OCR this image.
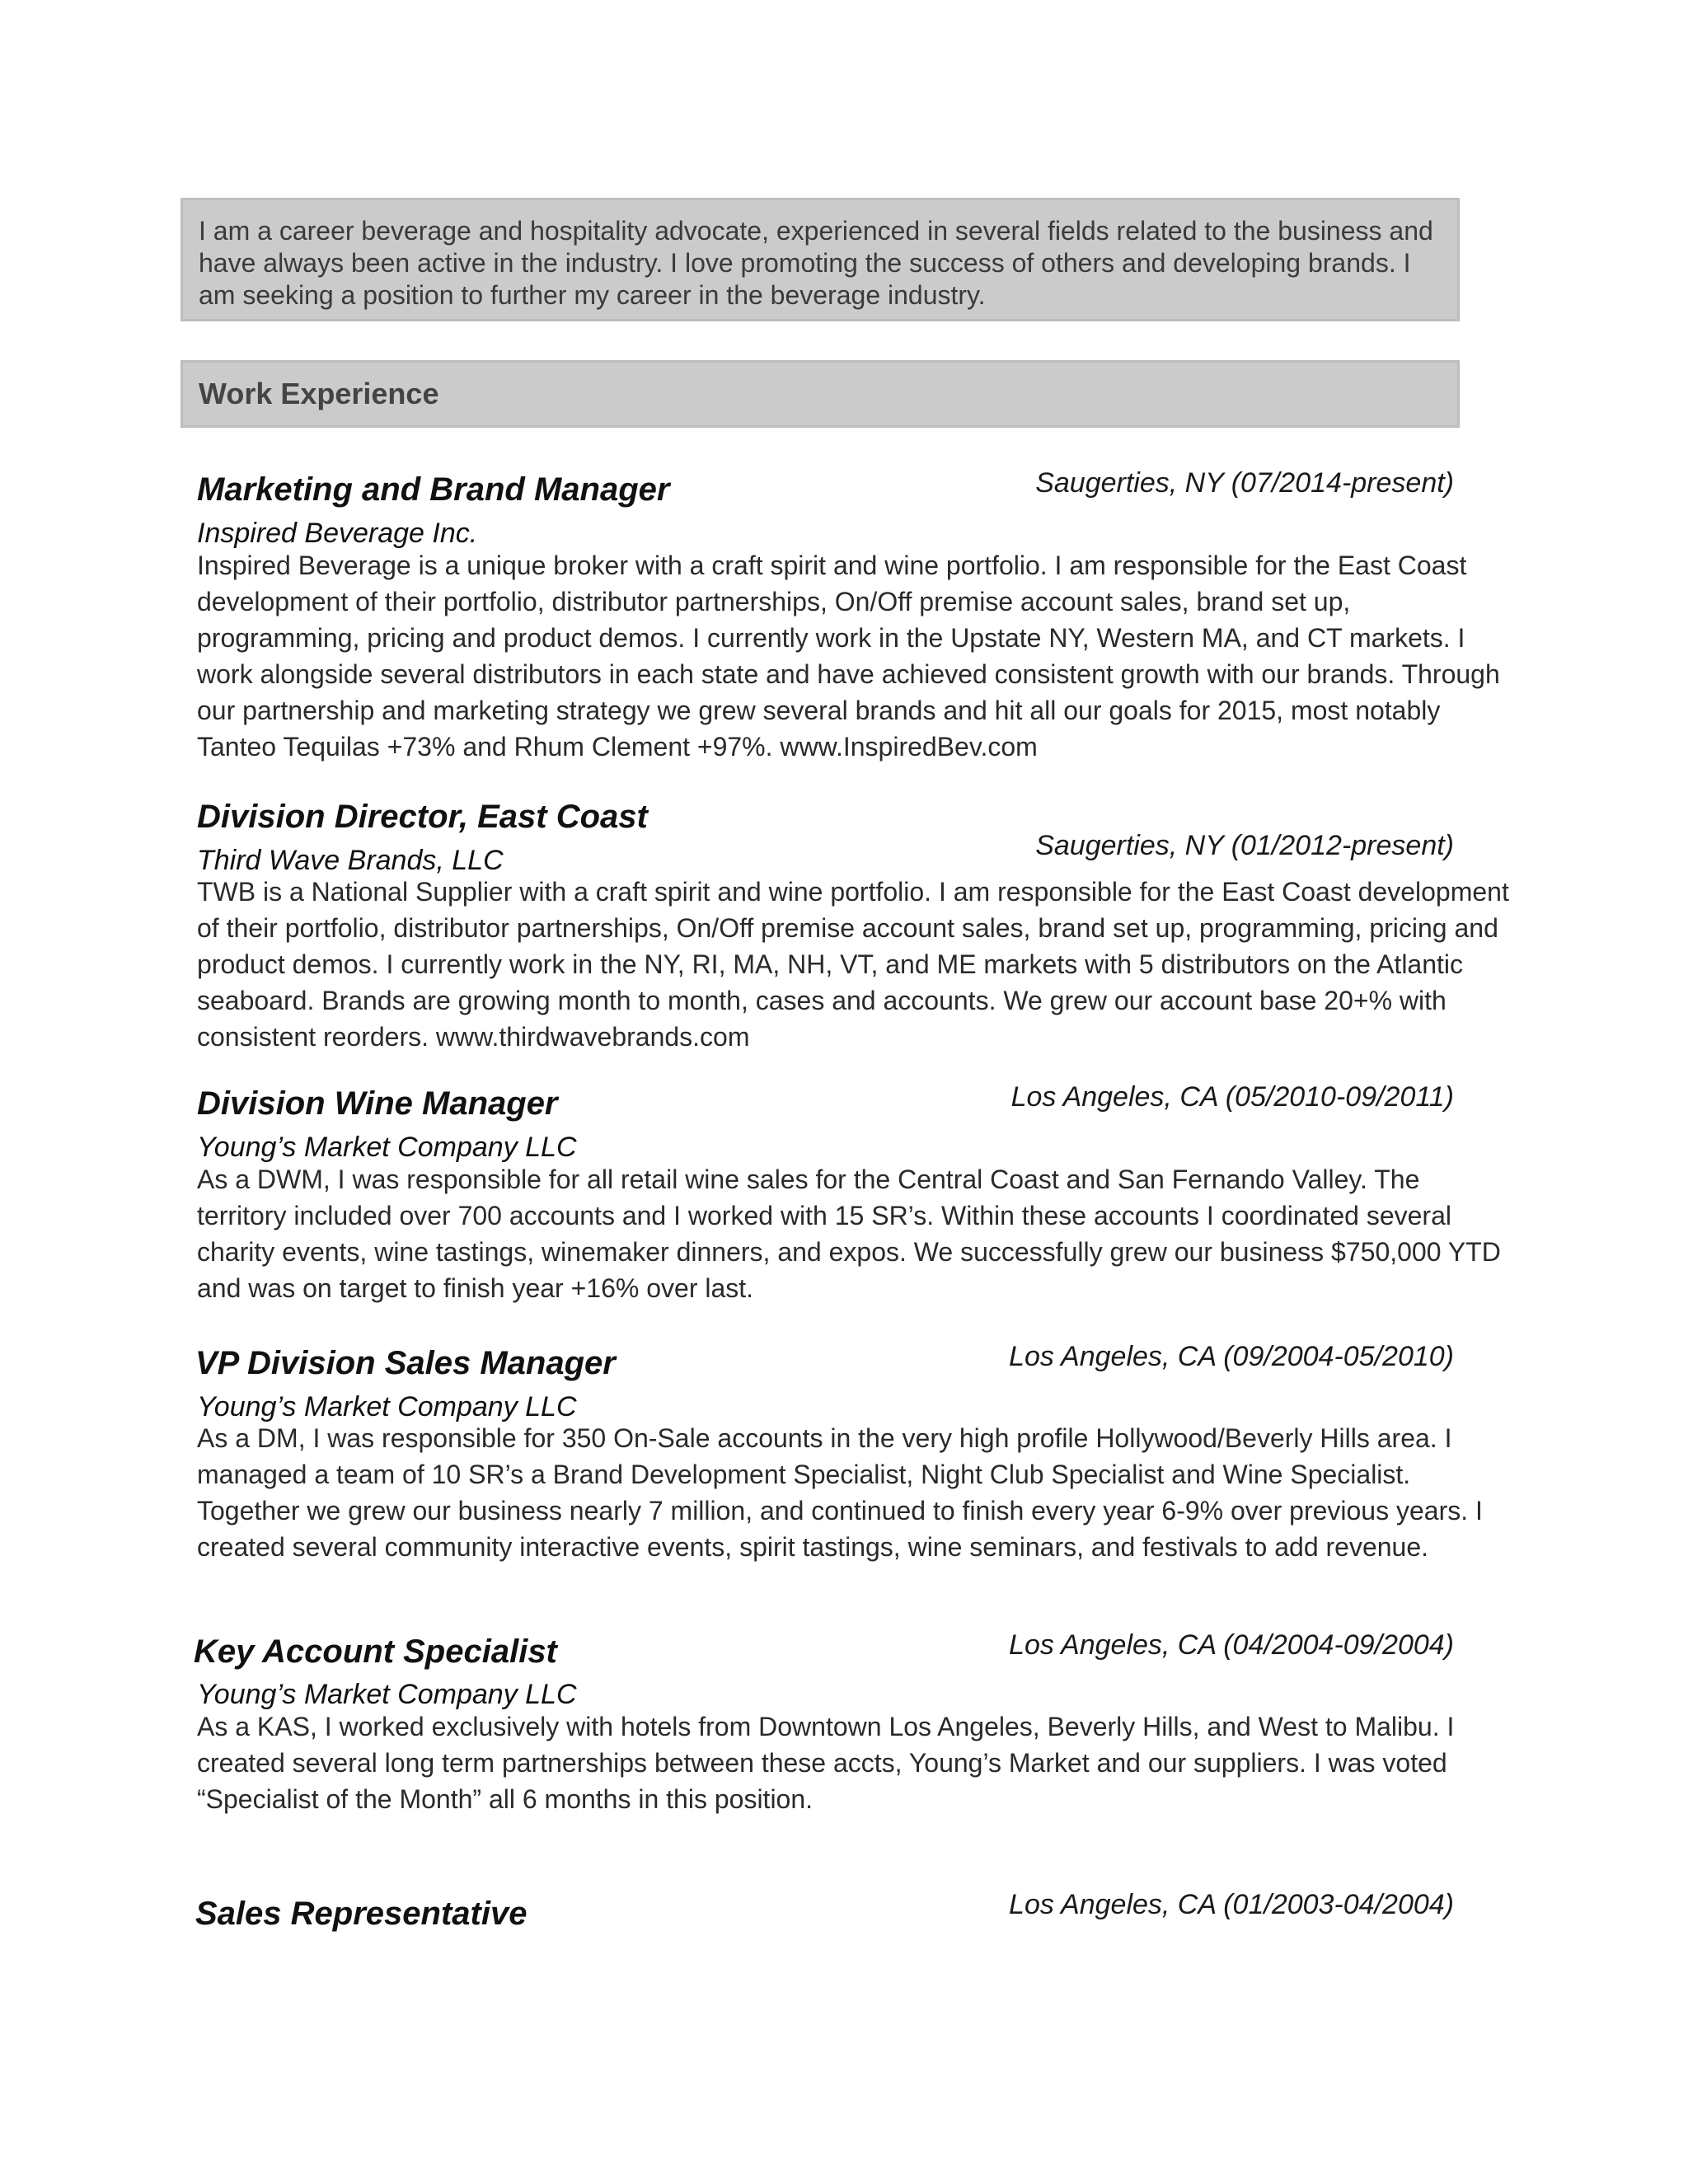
I am a career beverage and hospitality advocate, experienced in several fields related to the business and have always been active in the industry. I love promoting the success of others and developing brands. I am seeking a position to further my career in the beverage industry.

Work Experience
Marketing and Brand Manager	Saugerties, NY (07/2014-present)

Inspired Beverage Inc.

Inspired Beverage is a unique broker with a craft spirit and wine portfolio. I am responsible for the East Coast development of their portfolio, distributor partnerships, On/Off premise account sales, brand set up, programming, pricing and product demos. I currently work in the Upstate NY, Western MA, and CT markets. I work alongside several distributors in each state and have achieved consistent growth with our brands. Through our partnership and marketing strategy we grew several brands and hit all our goals for 2015, most notably Tanteo Tequilas +73% and Rhum Clement +97%. www.InspiredBev.com

Division Director, East Coast

Saugerties, NY (01/2012-present)

Third Wave Brands, LLC

TWB is a National Supplier with a craft spirit and wine portfolio. I am responsible for the East Coast development of their portfolio, distributor partnerships, On/Off premise account sales, brand set up, programming, pricing and product demos. I currently work in the NY, RI, MA, NH, VT, and ME markets with 5 distributors on the Atlantic seaboard. Brands are growing month to month, cases and accounts. We grew our account base 20+% with consistent reorders. www.thirdwavebrands.com

Division Wine Manager	Los Angeles, CA (05/2010-09/2011)

Young’s Market Company LLC

As a DWM, I was responsible for all retail wine sales for the Central Coast and San Fernando Valley. The territory included over 700 accounts and I worked with 15 SR’s. Within these accounts I coordinated several charity events, wine tastings, winemaker dinners, and expos. We successfully grew our business $750,000 YTD and was on target to finish year +16% over last.

VP Division Sales Manager	Los Angeles, CA (09/2004-05/2010)

Young’s Market Company LLC

As a DM, I was responsible for 350 On-Sale accounts in the very high profile Hollywood/Beverly Hills area. I managed a team of 10 SR’s a Brand Development Specialist, Night Club Specialist and Wine Specialist. Together we grew our business nearly 7 million, and continued to finish every year 6-9% over previous years. I created several community interactive events, spirit tastings, wine seminars, and festivals to add revenue.

Key Account Specialist	Los Angeles, CA (04/2004-09/2004)

Young’s Market Company LLC

As a KAS, I worked exclusively with hotels from Downtown Los Angeles, Beverly Hills, and West to Malibu. I created several long term partnerships between these accts, Young’s Market and our suppliers. I was voted “Specialist of the Month” all 6 months in this position.

Sales Representative	Los Angeles, CA (01/2003-04/2004)
